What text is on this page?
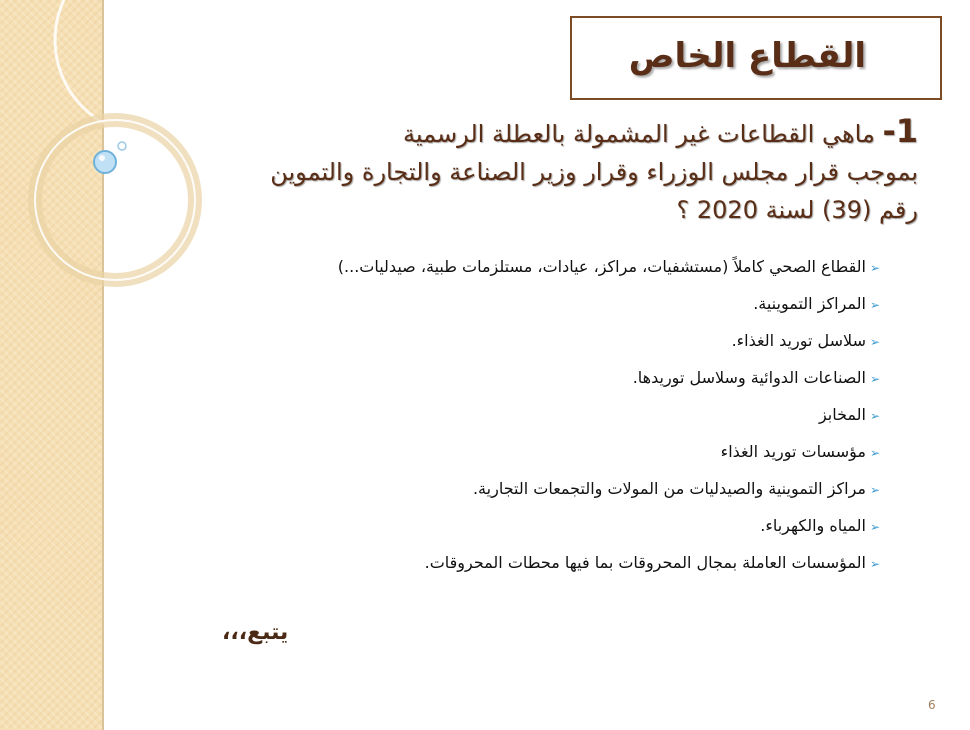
القطاع الخاص
1- ماهي القطاعات غير المشمولة بالعطلة الرسمية
بموجب قرار مجلس الوزراء وقرار وزير الصناعة والتجارة والتموين
رقم (39) لسنة 2020 ؟
➢القطاع الصحي كاملاً (مستشفيات، مراكز، عيادات، مستلزمات طبية، صيدليات...)
➢المراكز التموينية.
➢سلاسل توريد الغذاء.
➢الصناعات الدوائية وسلاسل توريدها.
➢المخابز
➢مؤسسات توريد الغذاء
➢مراكز التموينية والصيدليات من المولات والتجمعات التجارية.
➢المياه والكهرباء.
➢المؤسسات العاملة بمجال المحروقات بما فيها محطات المحروقات.
يتبع،،،
6
